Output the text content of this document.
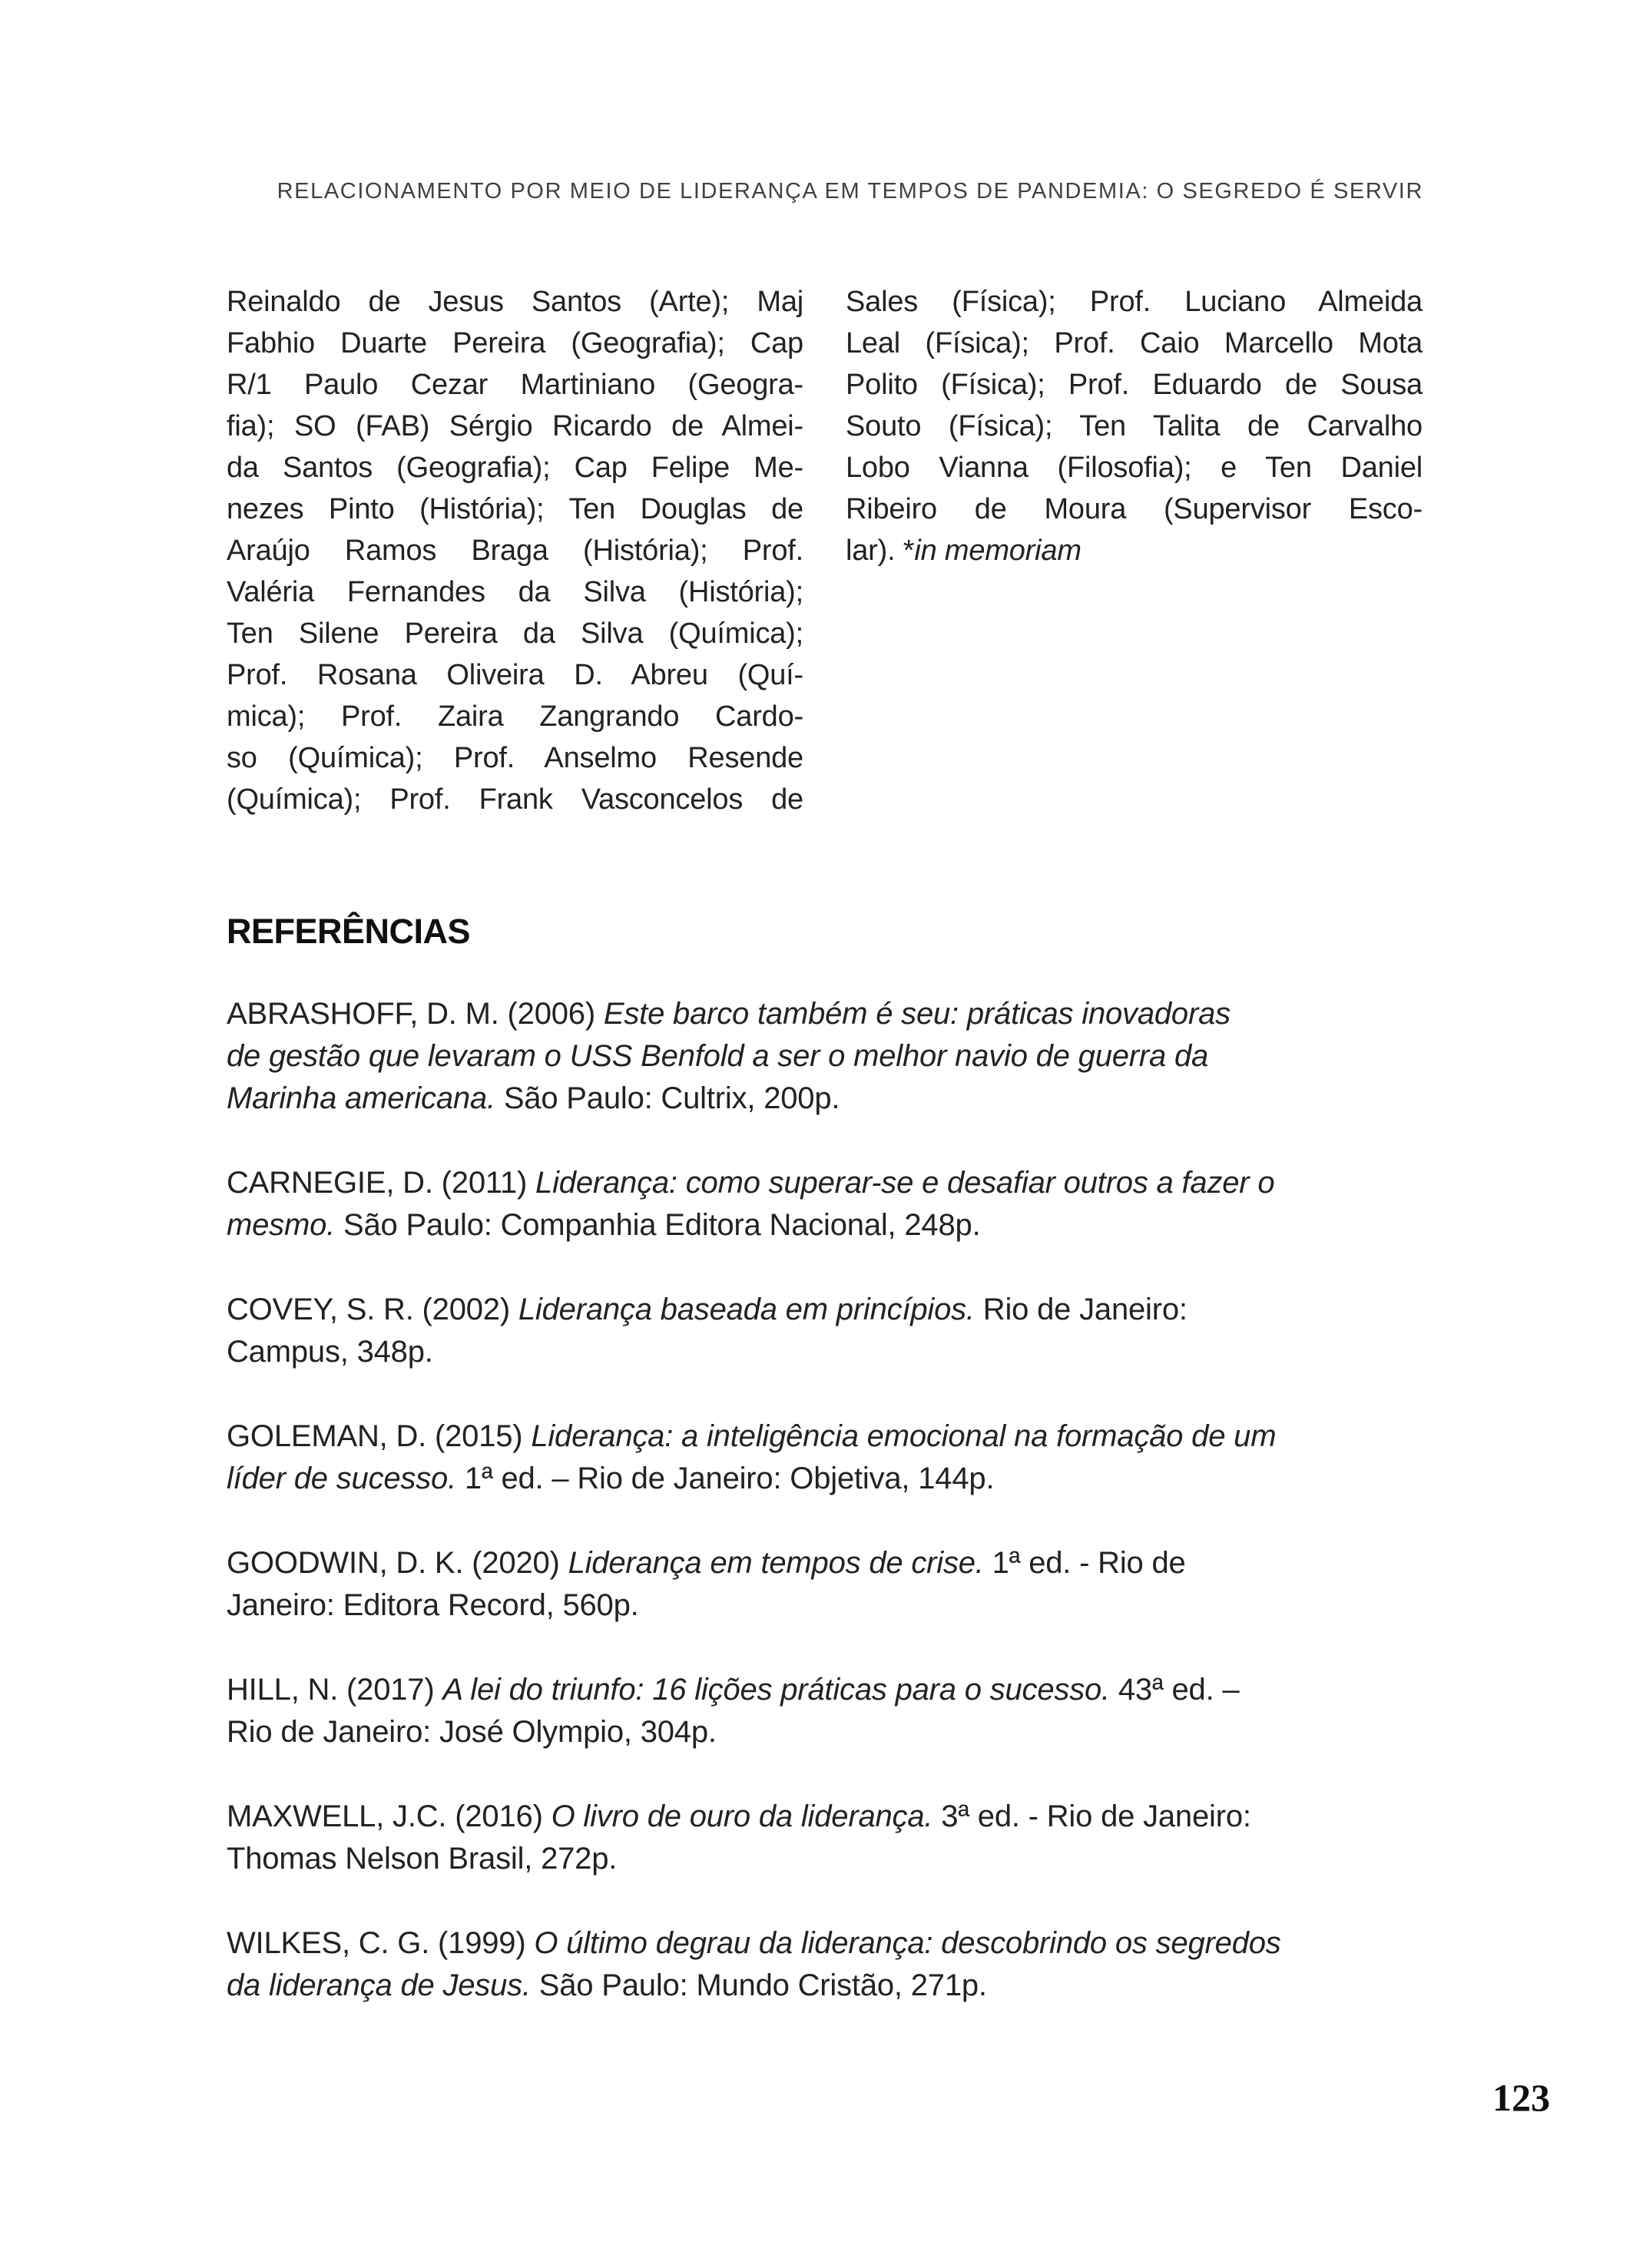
RELACIONAMENTO POR MEIO DE LIDERANÇA EM TEMPOS DE PANDEMIA: O SEGREDO É SERVIR
Reinaldo de Jesus Santos (Arte); Maj
Fabhio Duarte Pereira (Geografia); Cap
R/1 Paulo Cezar Martiniano (Geogra-
fia); SO (FAB) Sérgio Ricardo de Almei-
da Santos (Geografia); Cap Felipe Me-
nezes Pinto (História); Ten Douglas de
Araújo Ramos Braga (História); Prof.
Valéria Fernandes da Silva (História);
Ten Silene Pereira da Silva (Química);
Prof. Rosana Oliveira D. Abreu (Quí-
mica); Prof. Zaira Zangrando Cardo-
so (Química); Prof. Anselmo Resende
(Química); Prof. Frank Vasconcelos de
Sales (Física); Prof. Luciano Almeida
Leal (Física); Prof. Caio Marcello Mota
Polito (Física); Prof. Eduardo de Sousa
Souto (Física); Ten Talita de Carvalho
Lobo Vianna (Filosofia); e Ten Daniel
Ribeiro de Moura (Supervisor Esco-
lar). *in memoriam
REFERÊNCIAS
ABRASHOFF, D. M. (2006) Este barco também é seu: práticas inovadoras
de gestão que levaram o USS Benfold a ser o melhor navio de guerra da
Marinha americana. São Paulo: Cultrix, 200p.
CARNEGIE, D. (2011) Liderança: como superar-se e desafiar outros a fazer o
mesmo. São Paulo: Companhia Editora Nacional, 248p.
COVEY, S. R. (2002) Liderança baseada em princípios. Rio de Janeiro:
Campus, 348p.
GOLEMAN, D. (2015) Liderança: a inteligência emocional na formação de um
líder de sucesso. 1ª ed. – Rio de Janeiro: Objetiva, 144p.
GOODWIN, D. K. (2020) Liderança em tempos de crise. 1ª ed. - Rio de
Janeiro: Editora Record, 560p.
HILL, N. (2017) A lei do triunfo: 16 lições práticas para o sucesso. 43ª ed. –
Rio de Janeiro: José Olympio, 304p.
MAXWELL, J.C. (2016) O livro de ouro da liderança. 3ª ed. - Rio de Janeiro:
Thomas Nelson Brasil, 272p.
WILKES, C. G. (1999) O último degrau da liderança: descobrindo os segredos
da liderança de Jesus. São Paulo: Mundo Cristão, 271p.
123
